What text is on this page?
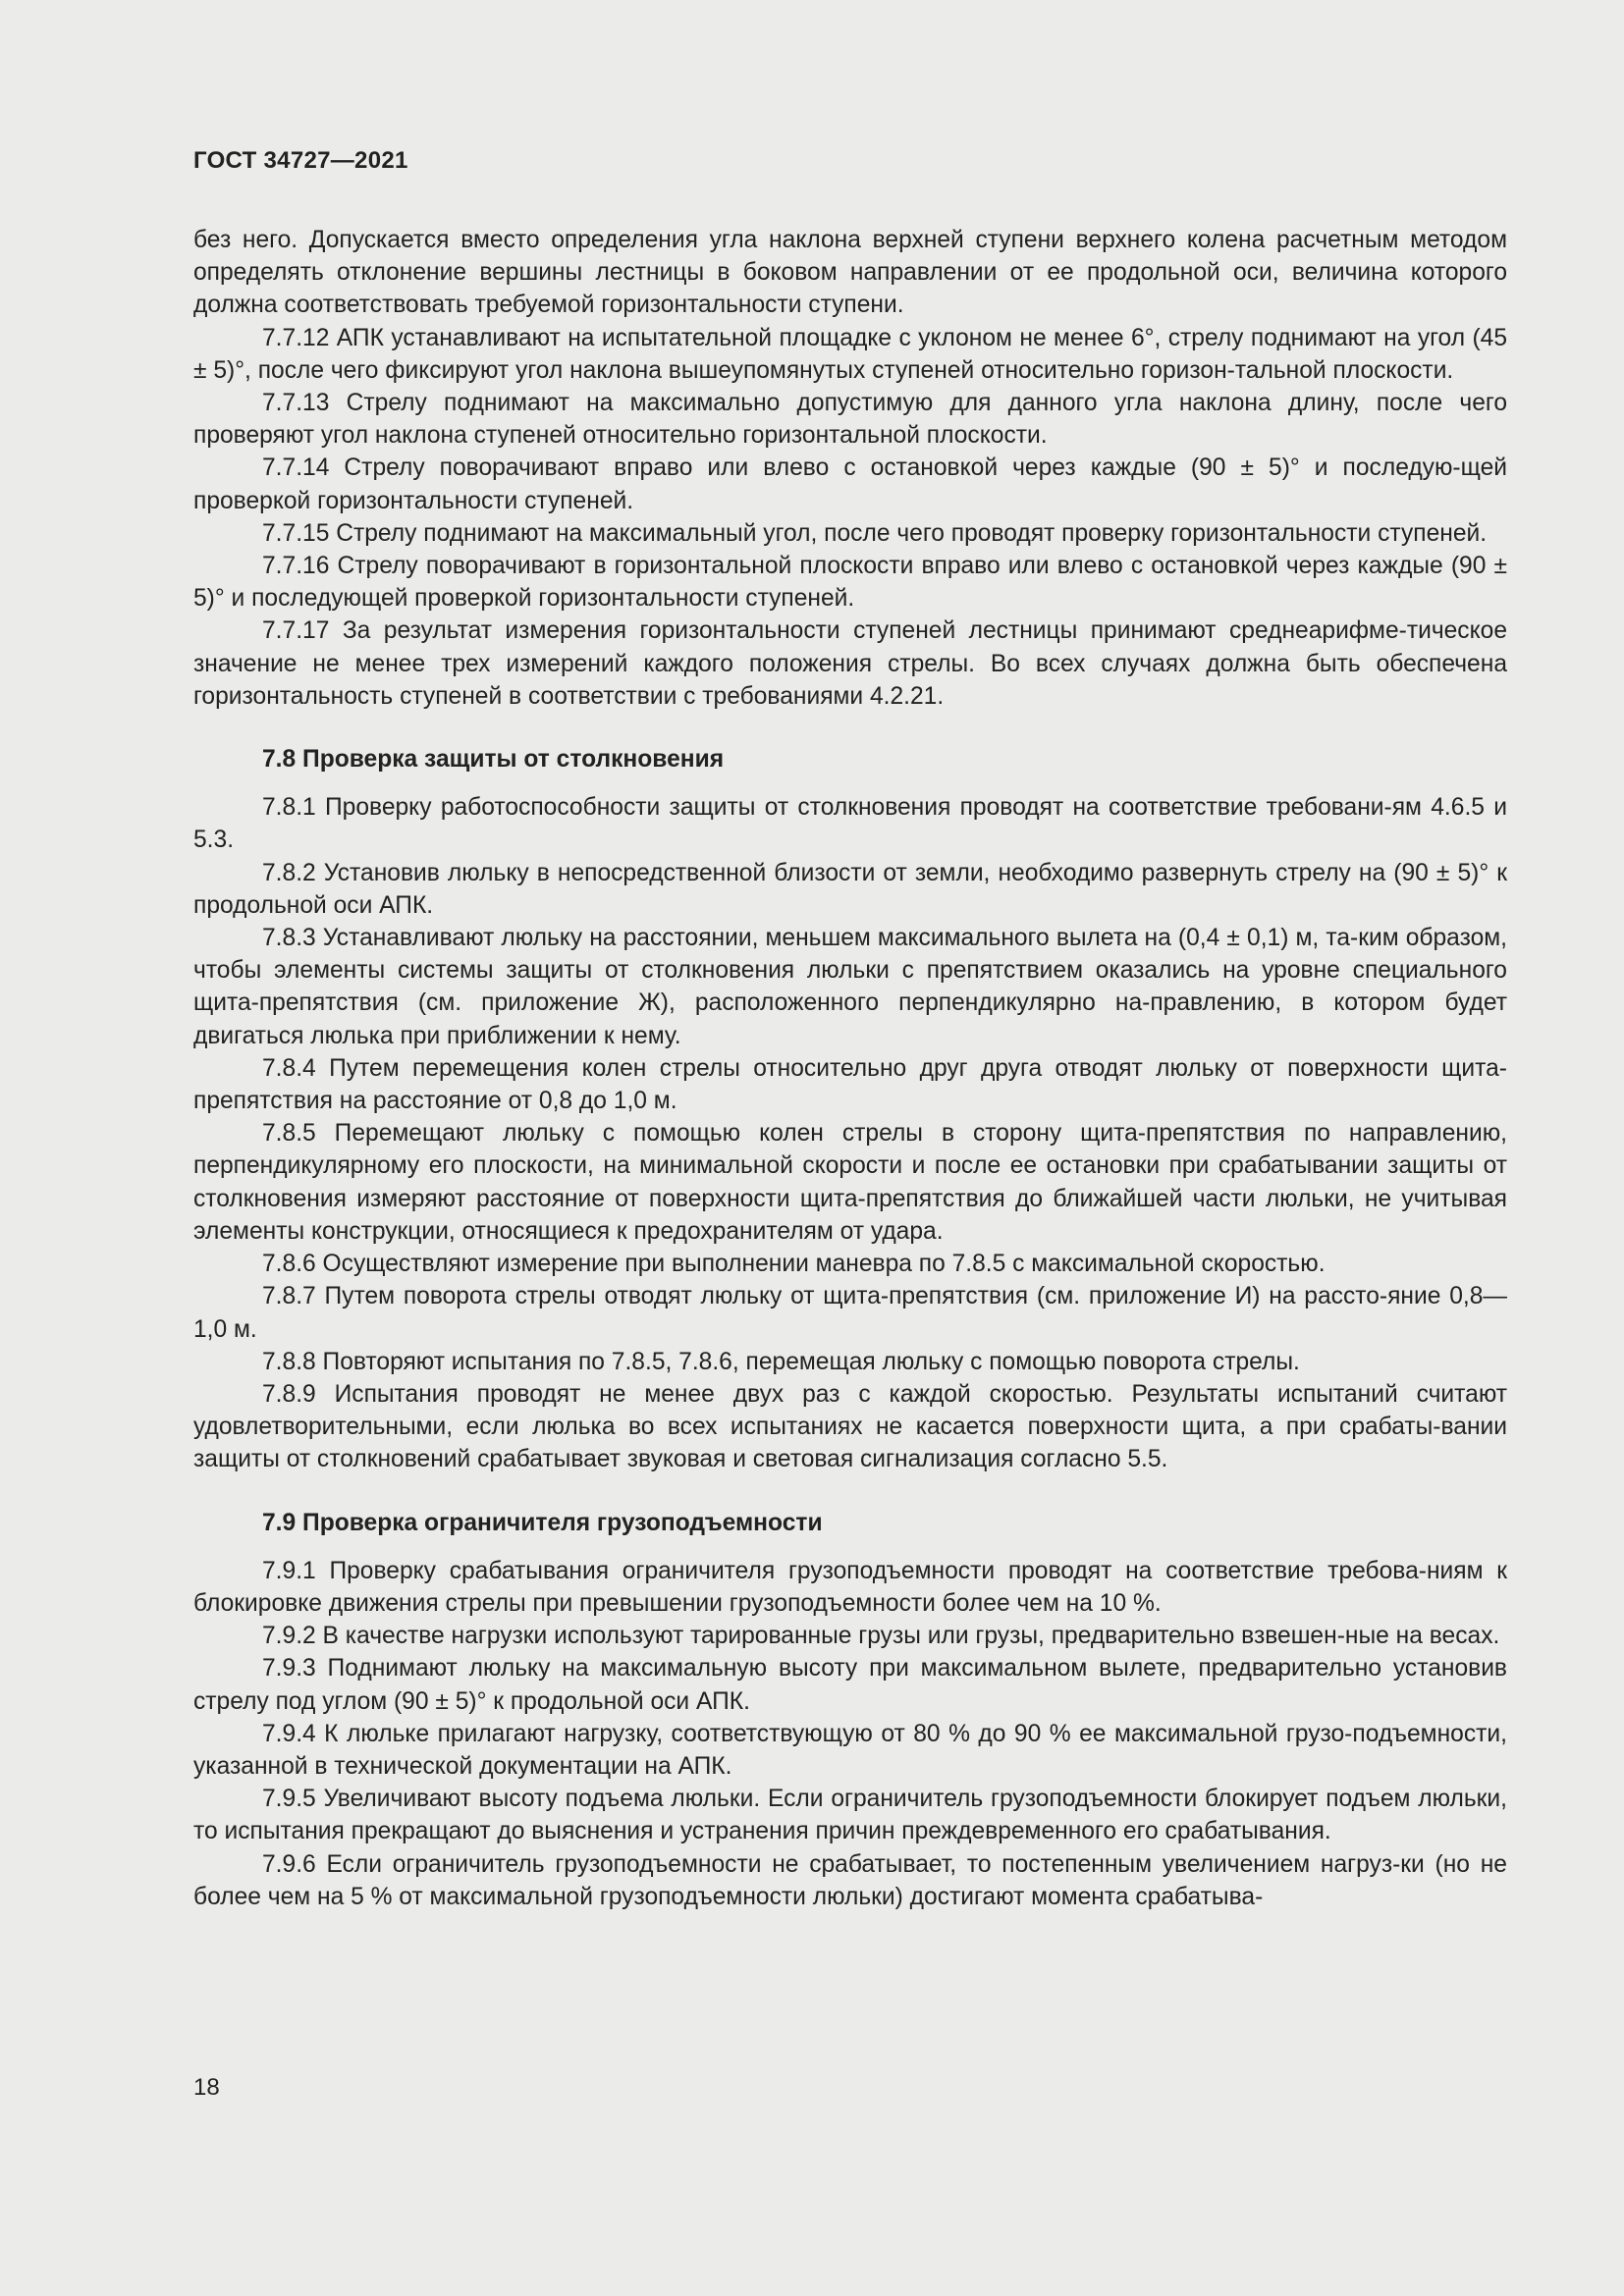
ГОСТ 34727—2021

без него. Допускается вместо определения угла наклона верхней ступени верхнего колена расчетным методом определять отклонение вершины лестницы в боковом направлении от ее продольной оси, величина которого должна соответствовать требуемой горизонтальности ступени.

7.7.12 АПК устанавливают на испытательной площадке с уклоном не менее 6°, стрелу поднимают на угол (45 ± 5)°, после чего фиксируют угол наклона вышеупомянутых ступеней относительно горизон-тальной плоскости.

7.7.13 Стрелу поднимают на максимально допустимую для данного угла наклона длину, после чего проверяют угол наклона ступеней относительно горизонтальной плоскости.

7.7.14 Стрелу поворачивают вправо или влево с остановкой через каждые (90 ± 5)° и последую-щей проверкой горизонтальности ступеней.

7.7.15 Стрелу поднимают на максимальный угол, после чего проводят проверку горизонтальности ступеней.

7.7.16 Стрелу поворачивают в горизонтальной плоскости вправо или влево с остановкой через каждые (90 ± 5)° и последующей проверкой горизонтальности ступеней.

7.7.17 За результат измерения горизонтальности ступеней лестницы принимают среднеарифме-тическое значение не менее трех измерений каждого положения стрелы. Во всех случаях должна быть обеспечена горизонтальность ступеней в соответствии с требованиями 4.2.21.

7.8 Проверка защиты от столкновения

7.8.1 Проверку работоспособности защиты от столкновения проводят на соответствие требовани-ям 4.6.5 и 5.3.

7.8.2 Установив люльку в непосредственной близости от земли, необходимо развернуть стрелу на (90 ± 5)° к продольной оси АПК.

7.8.3 Устанавливают люльку на расстоянии, меньшем максимального вылета на (0,4 ± 0,1) м, та-ким образом, чтобы элементы системы защиты от столкновения люльки с препятствием оказались на уровне специального щита-препятствия (см. приложение Ж), расположенного перпендикулярно на-правлению, в котором будет двигаться люлька при приближении к нему.

7.8.4 Путем перемещения колен стрелы относительно друг друга отводят люльку от поверхности щита-препятствия на расстояние от 0,8 до 1,0 м.

7.8.5 Перемещают люльку с помощью колен стрелы в сторону щита-препятствия по направлению, перпендикулярному его плоскости, на минимальной скорости и после ее остановки при срабатывании защиты от столкновения измеряют расстояние от поверхности щита-препятствия до ближайшей части люльки, не учитывая элементы конструкции, относящиеся к предохранителям от удара.

7.8.6 Осуществляют измерение при выполнении маневра по 7.8.5 с максимальной скоростью.

7.8.7 Путем поворота стрелы отводят люльку от щита-препятствия (см. приложение И) на рассто-яние 0,8—1,0 м.

7.8.8 Повторяют испытания по 7.8.5, 7.8.6, перемещая люльку с помощью поворота стрелы.

7.8.9 Испытания проводят не менее двух раз с каждой скоростью. Результаты испытаний считают удовлетворительными, если люлька во всех испытаниях не касается поверхности щита, а при срабаты-вании защиты от столкновений срабатывает звуковая и световая сигнализация согласно 5.5.

7.9 Проверка ограничителя грузоподъемности

7.9.1 Проверку срабатывания ограничителя грузоподъемности проводят на соответствие требова-ниям к блокировке движения стрелы при превышении грузоподъемности более чем на 10 %.

7.9.2 В качестве нагрузки используют тарированные грузы или грузы, предварительно взвешен-ные на весах.

7.9.3 Поднимают люльку на максимальную высоту при максимальном вылете, предварительно установив стрелу под углом (90 ± 5)° к продольной оси АПК.

7.9.4 К люльке прилагают нагрузку, соответствующую от 80 % до 90 % ее максимальной грузо-подъемности, указанной в технической документации на АПК.

7.9.5 Увеличивают высоту подъема люльки. Если ограничитель грузоподъемности блокирует подъем люльки, то испытания прекращают до выяснения и устранения причин преждевременного его срабатывания.

7.9.6 Если ограничитель грузоподъемности не срабатывает, то постепенным увеличением нагруз-ки (но не более чем на 5 % от максимальной грузоподъемности люльки) достигают момента срабатыва-

18
